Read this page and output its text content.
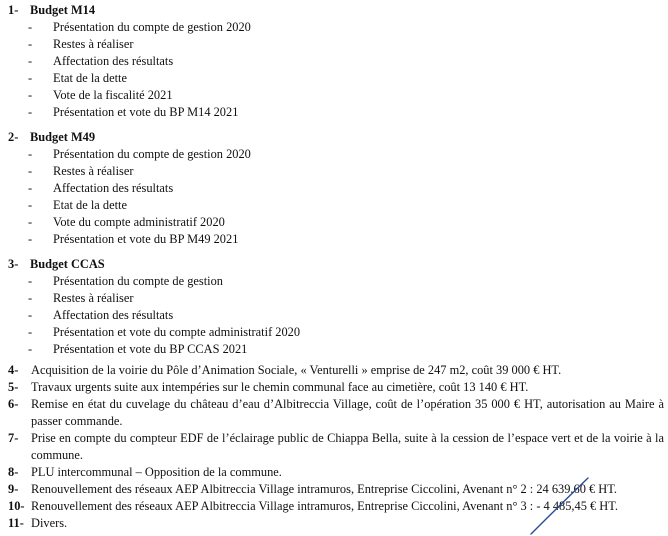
1- Budget M14
- Présentation du compte de gestion 2020
- Restes à réaliser
- Affectation des résultats
- Etat de la dette
- Vote de la fiscalité 2021
- Présentation et vote du BP M14 2021
2- Budget M49
- Présentation du compte de gestion 2020
- Restes à réaliser
- Affectation des résultats
- Etat de la dette
- Vote du compte administratif 2020
- Présentation et vote du BP M49 2021
3- Budget CCAS
- Présentation du compte de gestion
- Restes à réaliser
- Affectation des résultats
- Présentation et vote du compte administratif 2020
- Présentation et vote du BP CCAS 2021
4- Acquisition de la voirie du Pôle d’Animation Sociale, « Venturelli » emprise de 247 m2, coût 39 000 € HT.
5- Travaux urgents suite aux intempéries sur le chemin communal face au cimetière, coût 13 140 € HT.
6- Remise en état du cuvelage du château d’eau d’Albitreccia Village, coût de l’opération 35 000 € HT, autorisation au Maire à passer commande.
7- Prise en compte du compteur EDF de l’éclairage public de Chiappa Bella, suite à la cession de l’espace vert et de la voirie à la commune.
8- PLU intercommunal – Opposition de la commune.
9- Renouvellement des réseaux AEP Albitreccia Village intramuros, Entreprise Ciccolini, Avenant n° 2 : 24 639,60 € HT.
10- Renouvellement des réseaux AEP Albitreccia Village intramuros, Entreprise Ciccolini, Avenant n° 3 : - 4 485,45 € HT.
11- Divers.
